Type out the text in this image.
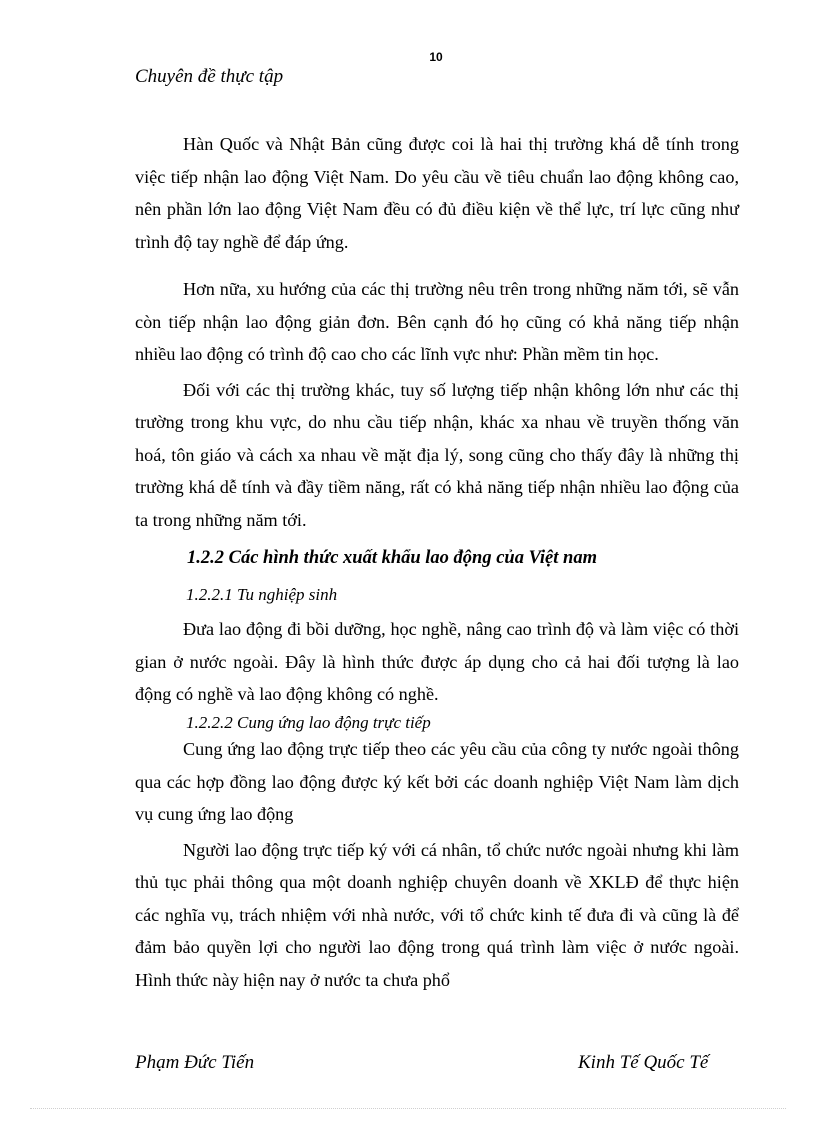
10
Chuyên đề thực tập

Hàn Quốc và Nhật Bản cũng được coi là hai thị trường khá dễ tính trong việc tiếp nhận lao động Việt Nam. Do yêu cầu về tiêu chuẩn lao động không cao, nên phần lớn lao động Việt Nam đều có đủ điều kiện về thể lực, trí lực cũng như trình độ tay nghề để đáp ứng.

Hơn nữa, xu hướng của các thị trường nêu trên trong những năm tới, sẽ vẫn còn tiếp nhận lao động giản đơn. Bên cạnh đó họ cũng có khả năng tiếp nhận nhiều lao động có trình độ cao cho các lĩnh vực như: Phần mềm tin học.

Đối với các thị trường khác, tuy số lượng tiếp nhận không lớn như các thị trường trong khu vực, do nhu cầu tiếp nhận, khác xa nhau về truyền thống văn hoá, tôn giáo và cách xa nhau về mặt địa lý, song cũng cho thấy đây là những thị trường khá dễ tính và đầy tiềm năng, rất có khả năng tiếp nhận nhiều lao động của ta trong những năm tới.

1.2.2 Các hình thức xuất khẩu lao động của Việt nam
1.2.2.1 Tu nghiệp sinh

Đưa lao động đi bồi dưỡng, học nghề, nâng cao trình độ và làm việc có thời gian ở nước ngoài. Đây là hình thức được áp dụng cho cả hai đối tượng là lao động có nghề và lao động không có nghề.

1.2.2.2 Cung ứng lao động trực tiếp

Cung ứng lao động trực tiếp theo các yêu cầu của công ty nước ngoài thông qua các hợp đồng lao động được ký kết bởi các doanh nghiệp Việt Nam làm dịch vụ cung ứng lao động

Người lao động trực tiếp ký với cá nhân, tổ chức nước ngoài nhưng khi làm thủ tục phải thông qua một doanh nghiệp chuyên doanh về XKLĐ để thực hiện các nghĩa vụ, trách nhiệm với nhà nước, với tổ chức kinh tế đưa đi và cũng là để đảm bảo quyền lợi cho người lao động trong quá trình làm việc ở nước ngoài. Hình thức này hiện nay ở nước ta chưa phổ

Phạm Đức Tiến	Kinh Tế Quốc Tế
